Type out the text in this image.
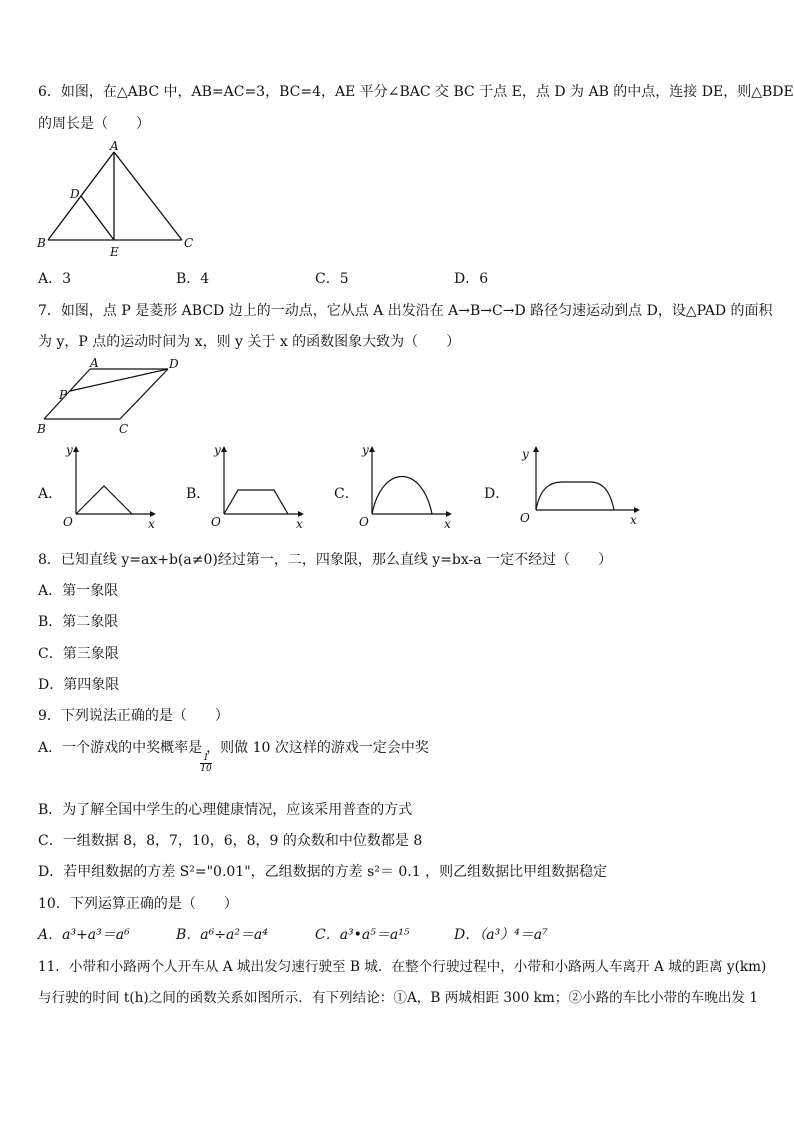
6．如图，在△ABC 中，AB=AC=3，BC=4，AE 平分∠BAC 交 BC 于点 E，点 D 为 AB 的中点，连接 DE，则△BDE
的周长是（　　）
A
D
B	C
E
A．3	B．4	C．5	D．6
7．如图，点 P 是菱形 ABCD 边上的一动点，它从点 A 出发沿在 A→B→C→D 路径匀速运动到点 D，设△PAD 的面积
为 y，P 点的运动时间为 x，则 y 关于 x 的函数图象大致为（　　）
A	D
P
B	C
A．
y
O	x
B．
y
O	x
C．
y
O	x
D．
y
O	x
8．已知直线 y=ax+b(a≠0)经过第一，二，四象限，那么直线 y=bx-a 一定不经过（　　）
A．第一象限
B．第二象限
C．第三象限
D．第四象限
9．下列说法正确的是（　　）
A．一个游戏的中奖概率是 ，则做 10 次这样的游戏一定会中奖
$\frac{1}{10}$
B．为了解全国中学生的心理健康情况，应该采用普查的方式
C．一组数据 8，8，7，10，6，8，9 的众数和中位数都是 8
D．若甲组数据的方差 S²="0.01"，乙组数据的方差 s²＝ 0.1 ，则乙组数据比甲组数据稳定
10．下列运算正确的是（　　）
A．a³+a³＝a⁶	B．a⁶÷a²＝a⁴	C．a³•a⁵＝a¹⁵	D．（a³）⁴＝a⁷
11．小带和小路两个人开车从 A 城出发匀速行驶至 B 城．在整个行驶过程中，小带和小路两人车离开 A 城的距离 y(km)
与行驶的时间 t(h)之间的函数关系如图所示．有下列结论：①A，B 两城相距 300 km；②小路的车比小带的车晚出发 1
